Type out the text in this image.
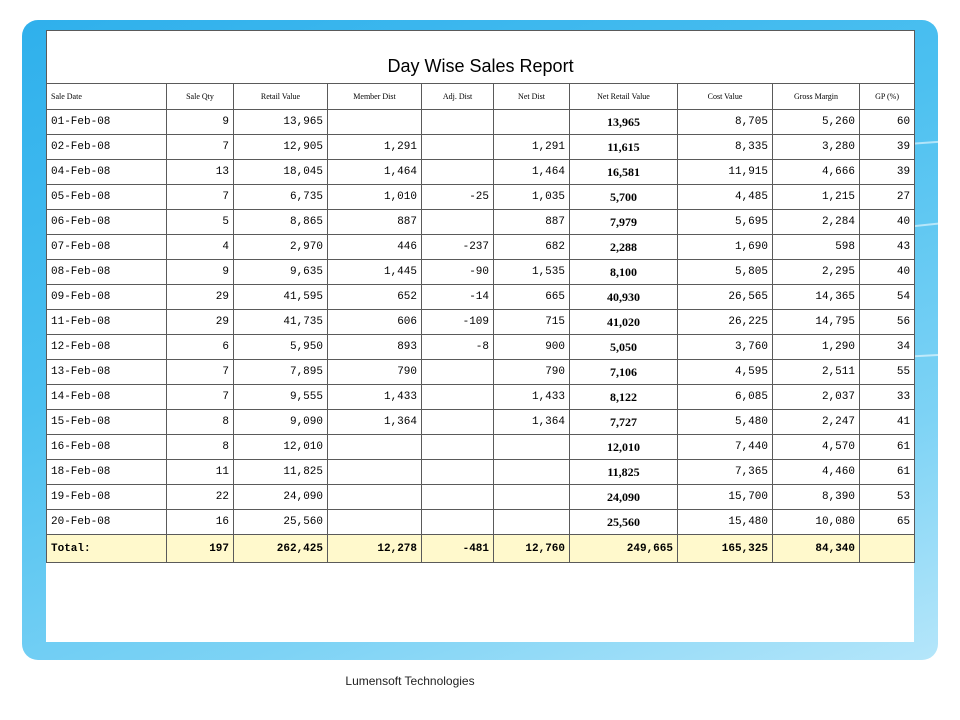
Day Wise Sales Report									
Sale Date	Sale Qty	Retail Value	Member Dist	Adj. Dist	Net Dist	Net Retail Value	Cost Value	Gross Margin	GP (%)
01-Feb-08	9	13,965				13,965	8,705	5,260	60
02-Feb-08	7	12,905	1,291		1,291	11,615	8,335	3,280	39
04-Feb-08	13	18,045	1,464		1,464	16,581	11,915	4,666	39
05-Feb-08	7	6,735	1,010	-25	1,035	5,700	4,485	1,215	27
06-Feb-08	5	8,865	887		887	7,979	5,695	2,284	40
07-Feb-08	4	2,970	446	-237	682	2,288	1,690	598	43
08-Feb-08	9	9,635	1,445	-90	1,535	8,100	5,805	2,295	40
09-Feb-08	29	41,595	652	-14	665	40,930	26,565	14,365	54
11-Feb-08	29	41,735	606	-109	715	41,020	26,225	14,795	56
12-Feb-08	6	5,950	893	-8	900	5,050	3,760	1,290	34
13-Feb-08	7	7,895	790		790	7,106	4,595	2,511	55
14-Feb-08	7	9,555	1,433		1,433	8,122	6,085	2,037	33
15-Feb-08	8	9,090	1,364		1,364	7,727	5,480	2,247	41
16-Feb-08	8	12,010				12,010	7,440	4,570	61
18-Feb-08	11	11,825				11,825	7,365	4,460	61
19-Feb-08	22	24,090				24,090	15,700	8,390	53
20-Feb-08	16	25,560				25,560	15,480	10,080	65
Total:	197	262,425	12,278	-481	12,760	249,665	165,325	84,340	
Lumensoft Technologies
